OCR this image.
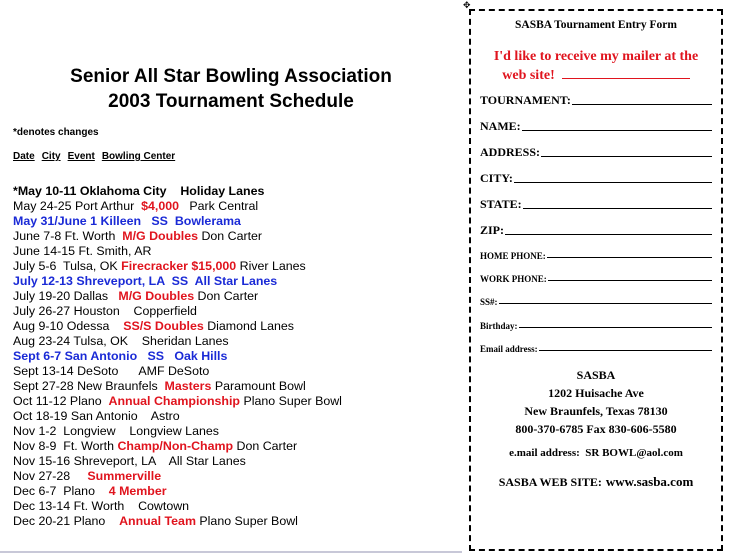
Senior All Star Bowling Association
2003 Tournament Schedule
*denotes changes
Date City Event Bowling Center
*May 10-11 Oklahoma City    Holiday Lanes
May 24-25 Port Arthur  $4,000   Park Central
May 31/June 1 Killeen   SS  Bowlerama
June 7-8 Ft. Worth  M/G Doubles Don Carter
June 14-15 Ft. Smith, AR
July 5-6  Tulsa, OK Firecracker $15,000 River Lanes
July 12-13 Shreveport, LA  SS  All Star Lanes
July 19-20 Dallas   M/G Doubles Don Carter
July 26-27 Houston    Copperfield
Aug 9-10 Odessa    SS/S Doubles Diamond Lanes
Aug 23-24 Tulsa, OK    Sheridan Lanes
Sept 6-7 San Antonio   SS   Oak Hills
Sept 13-14 DeSoto      AMF DeSoto
Sept 27-28 New Braunfels  Masters Paramount Bowl
Oct 11-12 Plano  Annual Championship Plano Super Bowl
Oct 18-19 San Antonio    Astro
Nov 1-2  Longview    Longview Lanes
Nov 8-9  Ft. Worth Champ/Non-Champ Don Carter
Nov 15-16 Shreveport, LA    All Star Lanes
Nov 27-28     Summerville
Dec 6-7  Plano    4 Member
Dec 13-14 Ft. Worth    Cowtown
Dec 20-21 Plano    Annual Team Plano Super Bowl
✥
SASBA Tournament Entry Form
I'd like to receive my mailer at the
web site!
TOURNAMENT:
NAME:
ADDRESS:
CITY:
STATE:
ZIP:
HOME PHONE:
WORK PHONE:
SS#:
Birthday:
Email address:
SASBA
1202 Huisache Ave
New Braunfels, Texas 78130
800-370-6785 Fax 830-606-5580
e.mail address: SR BOWL@aol.com
SASBA WEB SITE: www.sasba.com
